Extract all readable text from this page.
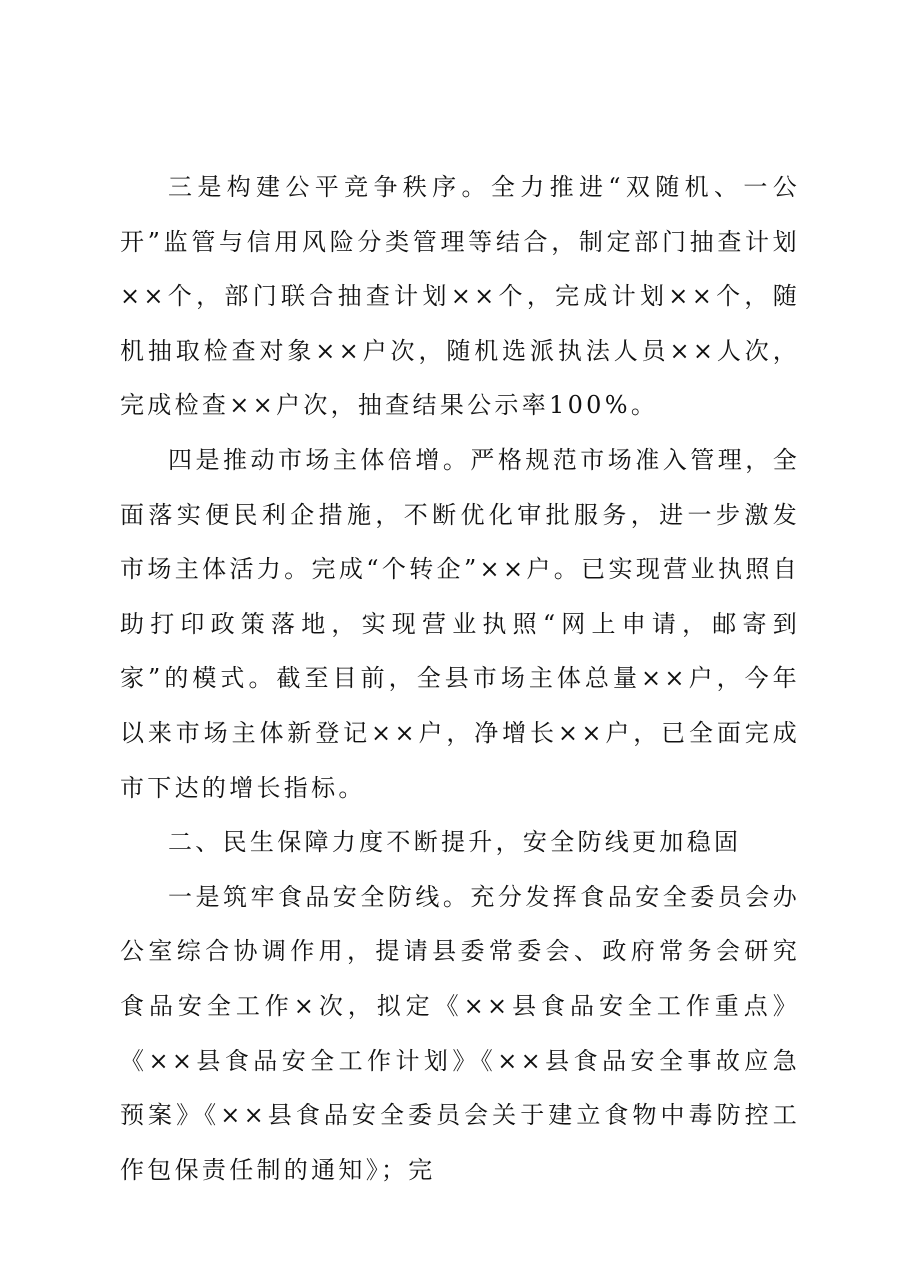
三是构建公平竞争秩序。全力推进“双随机、一公开”监管与信用风险分类管理等结合，制定部门抽查计划××个，部门联合抽查计划××个，完成计划××个，随机抽取检查对象××户次，随机选派执法人员××人次，完成检查××户次，抽查结果公示率100%。

四是推动市场主体倍增。严格规范市场准入管理，全面落实便民利企措施，不断优化审批服务，进一步激发市场主体活力。完成“个转企”××户。已实现营业执照自助打印政策落地，实现营业执照“网上申请，邮寄到家”的模式。截至目前，全县市场主体总量××户，今年以来市场主体新登记××户，净增长××户，已全面完成市下达的增长指标。

二、民生保障力度不断提升，安全防线更加稳固

一是筑牢食品安全防线。充分发挥食品安全委员会办公室综合协调作用，提请县委常委会、政府常务会研究食品安全工作×次，拟定《××县食品安全工作重点》《××县食品安全工作计划》《××县食品安全事故应急预案》《××县食品安全委员会关于建立食物中毒防控工作包保责任制的通知》；完
